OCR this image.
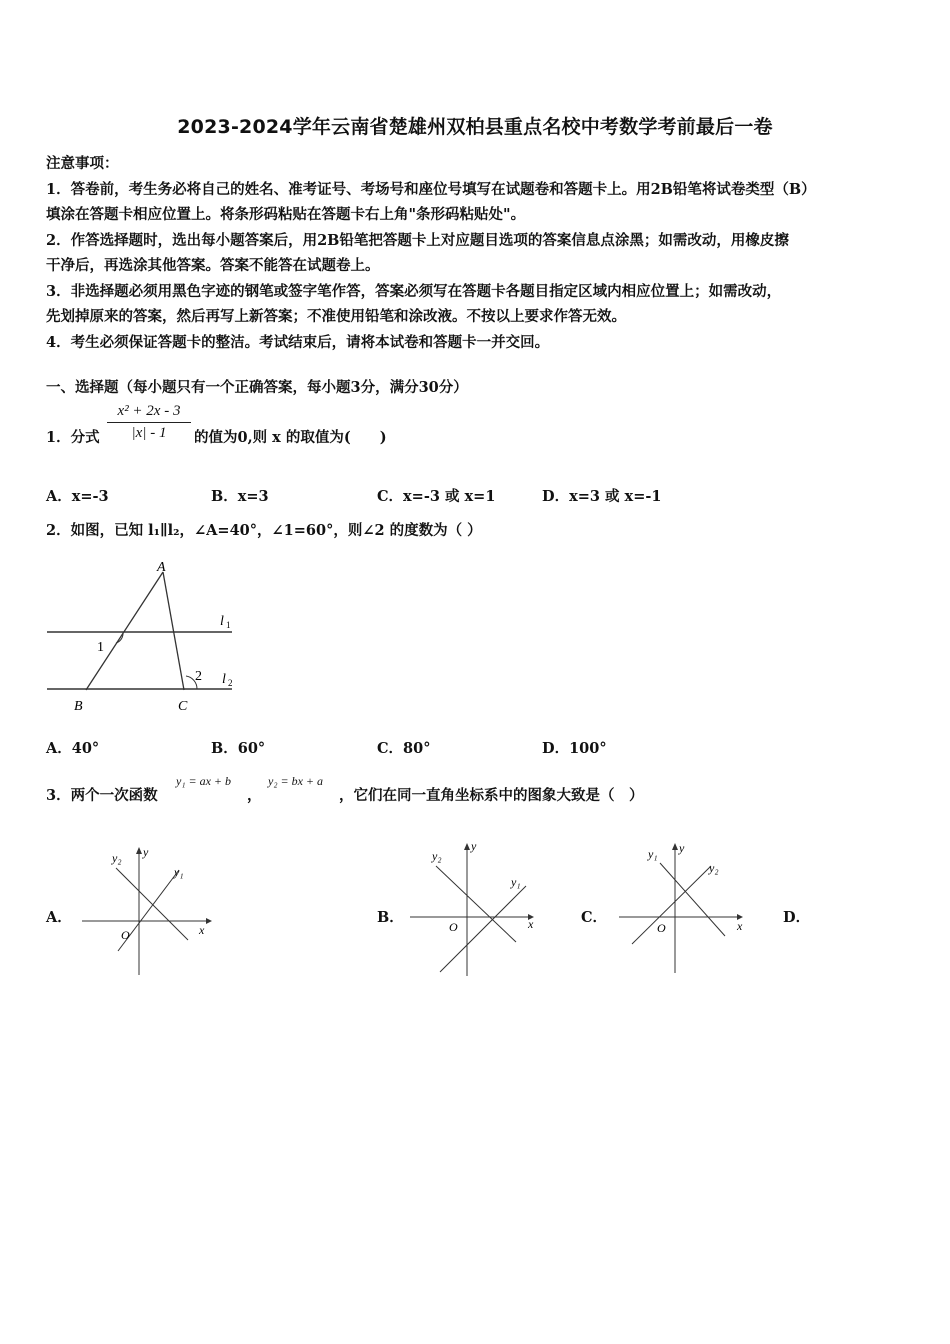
2023-2024学年云南省楚雄州双柏县重点名校中考数学考前最后一卷

注意事项：

1．答卷前，考生务必将自己的姓名、准考证号、考场号和座位号填写在试题卷和答题卡上。用2B铅笔将试卷类型（B）

填涂在答题卡相应位置上。将条形码粘贴在答题卡右上角"条形码粘贴处"。

2．作答选择题时，选出每小题答案后，用2B铅笔把答题卡上对应题目选项的答案信息点涂黑；如需改动，用橡皮擦

干净后，再选涂其他答案。答案不能答在试题卷上。

3．非选择题必须用黑色字迹的钢笔或签字笔作答，答案必须写在答题卡各题目指定区域内相应位置上；如需改动，

先划掉原来的答案，然后再写上新答案；不准使用铅笔和涂改液。不按以上要求作答无效。

4．考生必须保证答题卡的整洁。考试结束后，请将本试卷和答题卡一并交回。

一、选择题（每小题只有一个正确答案，每小题3分，满分30分）
1．分式 $\frac{\text{x² + 2x - 3}}{|x| - 1}$ 的值为0,则 x 的取值为(　　)
A．x=-3	B．x=3	C．x=-3 或 x=1	D．x=3 或 x=-1
2．如图，已知 l₁∥l₂，∠A=40°，∠1=60°，则∠2 的度数为（ ）
A
B	C
1
2
l 1
l 2
A．40°	B．60°	C．80°	D．100°
3．两个一次函数
y₁ = ax + b
，
y₂ = bx + a
，它们在同一直角坐标系中的图象大致是（　）
A．	B．	C．	D．
O	x
y
y₂
y₁
O	x
y
y₂
y₁
O	x
y
y₁
y₂
